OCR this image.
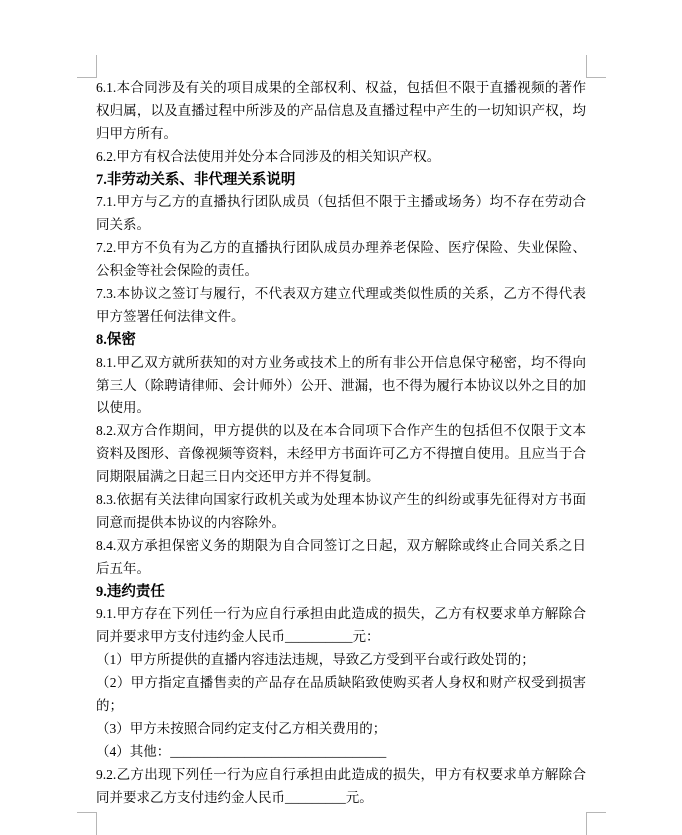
6.1.本合同涉及有关的项目成果的全部权利、权益，包括但不限于直播视频的著作
权归属，以及直播过程中所涉及的产品信息及直播过程中产生的一切知识产权，均
归甲方所有。
6.2.甲方有权合法使用并处分本合同涉及的相关知识产权。
7.非劳动关系、非代理关系说明
7.1.甲方与乙方的直播执行团队成员（包括但不限于主播或场务）均不存在劳动合
同关系。
7.2.甲方不负有为乙方的直播执行团队成员办理养老保险、医疗保险、失业保险、
公积金等社会保险的责任。
7.3.本协议之签订与履行，不代表双方建立代理或类似性质的关系，乙方不得代表
甲方签署任何法律文件。
8.保密
8.1.甲乙双方就所获知的对方业务或技术上的所有非公开信息保守秘密，均不得向
第三人（除聘请律师、会计师外）公开、泄漏，也不得为履行本协议以外之目的加
以使用。
8.2.双方合作期间，甲方提供的以及在本合同项下合作产生的包括但不仅限于文本
资料及图形、音像视频等资料，未经甲方书面许可乙方不得擅自使用。且应当于合
同期限届满之日起三日内交还甲方并不得复制。
8.3.依据有关法律向国家行政机关或为处理本协议产生的纠纷或事先征得对方书面
同意而提供本协议的内容除外。
8.4.双方承担保密义务的期限为自合同签订之日起，双方解除或终止合同关系之日
后五年。
9.违约责任
9.1.甲方存在下列任一行为应自行承担由此造成的损失，乙方有权要求单方解除合
同并要求甲方支付违约金人民币__________元：
（1）甲方所提供的直播内容违法违规，导致乙方受到平台或行政处罚的；
（2）甲方指定直播售卖的产品存在品质缺陷致使购买者人身权和财产权受到损害
的；
（3）甲方未按照合同约定支付乙方相关费用的；
（4）其他：________________________________
9.2.乙方出现下列任一行为应自行承担由此造成的损失，甲方有权要求单方解除合
同并要求乙方支付违约金人民币_________元。
